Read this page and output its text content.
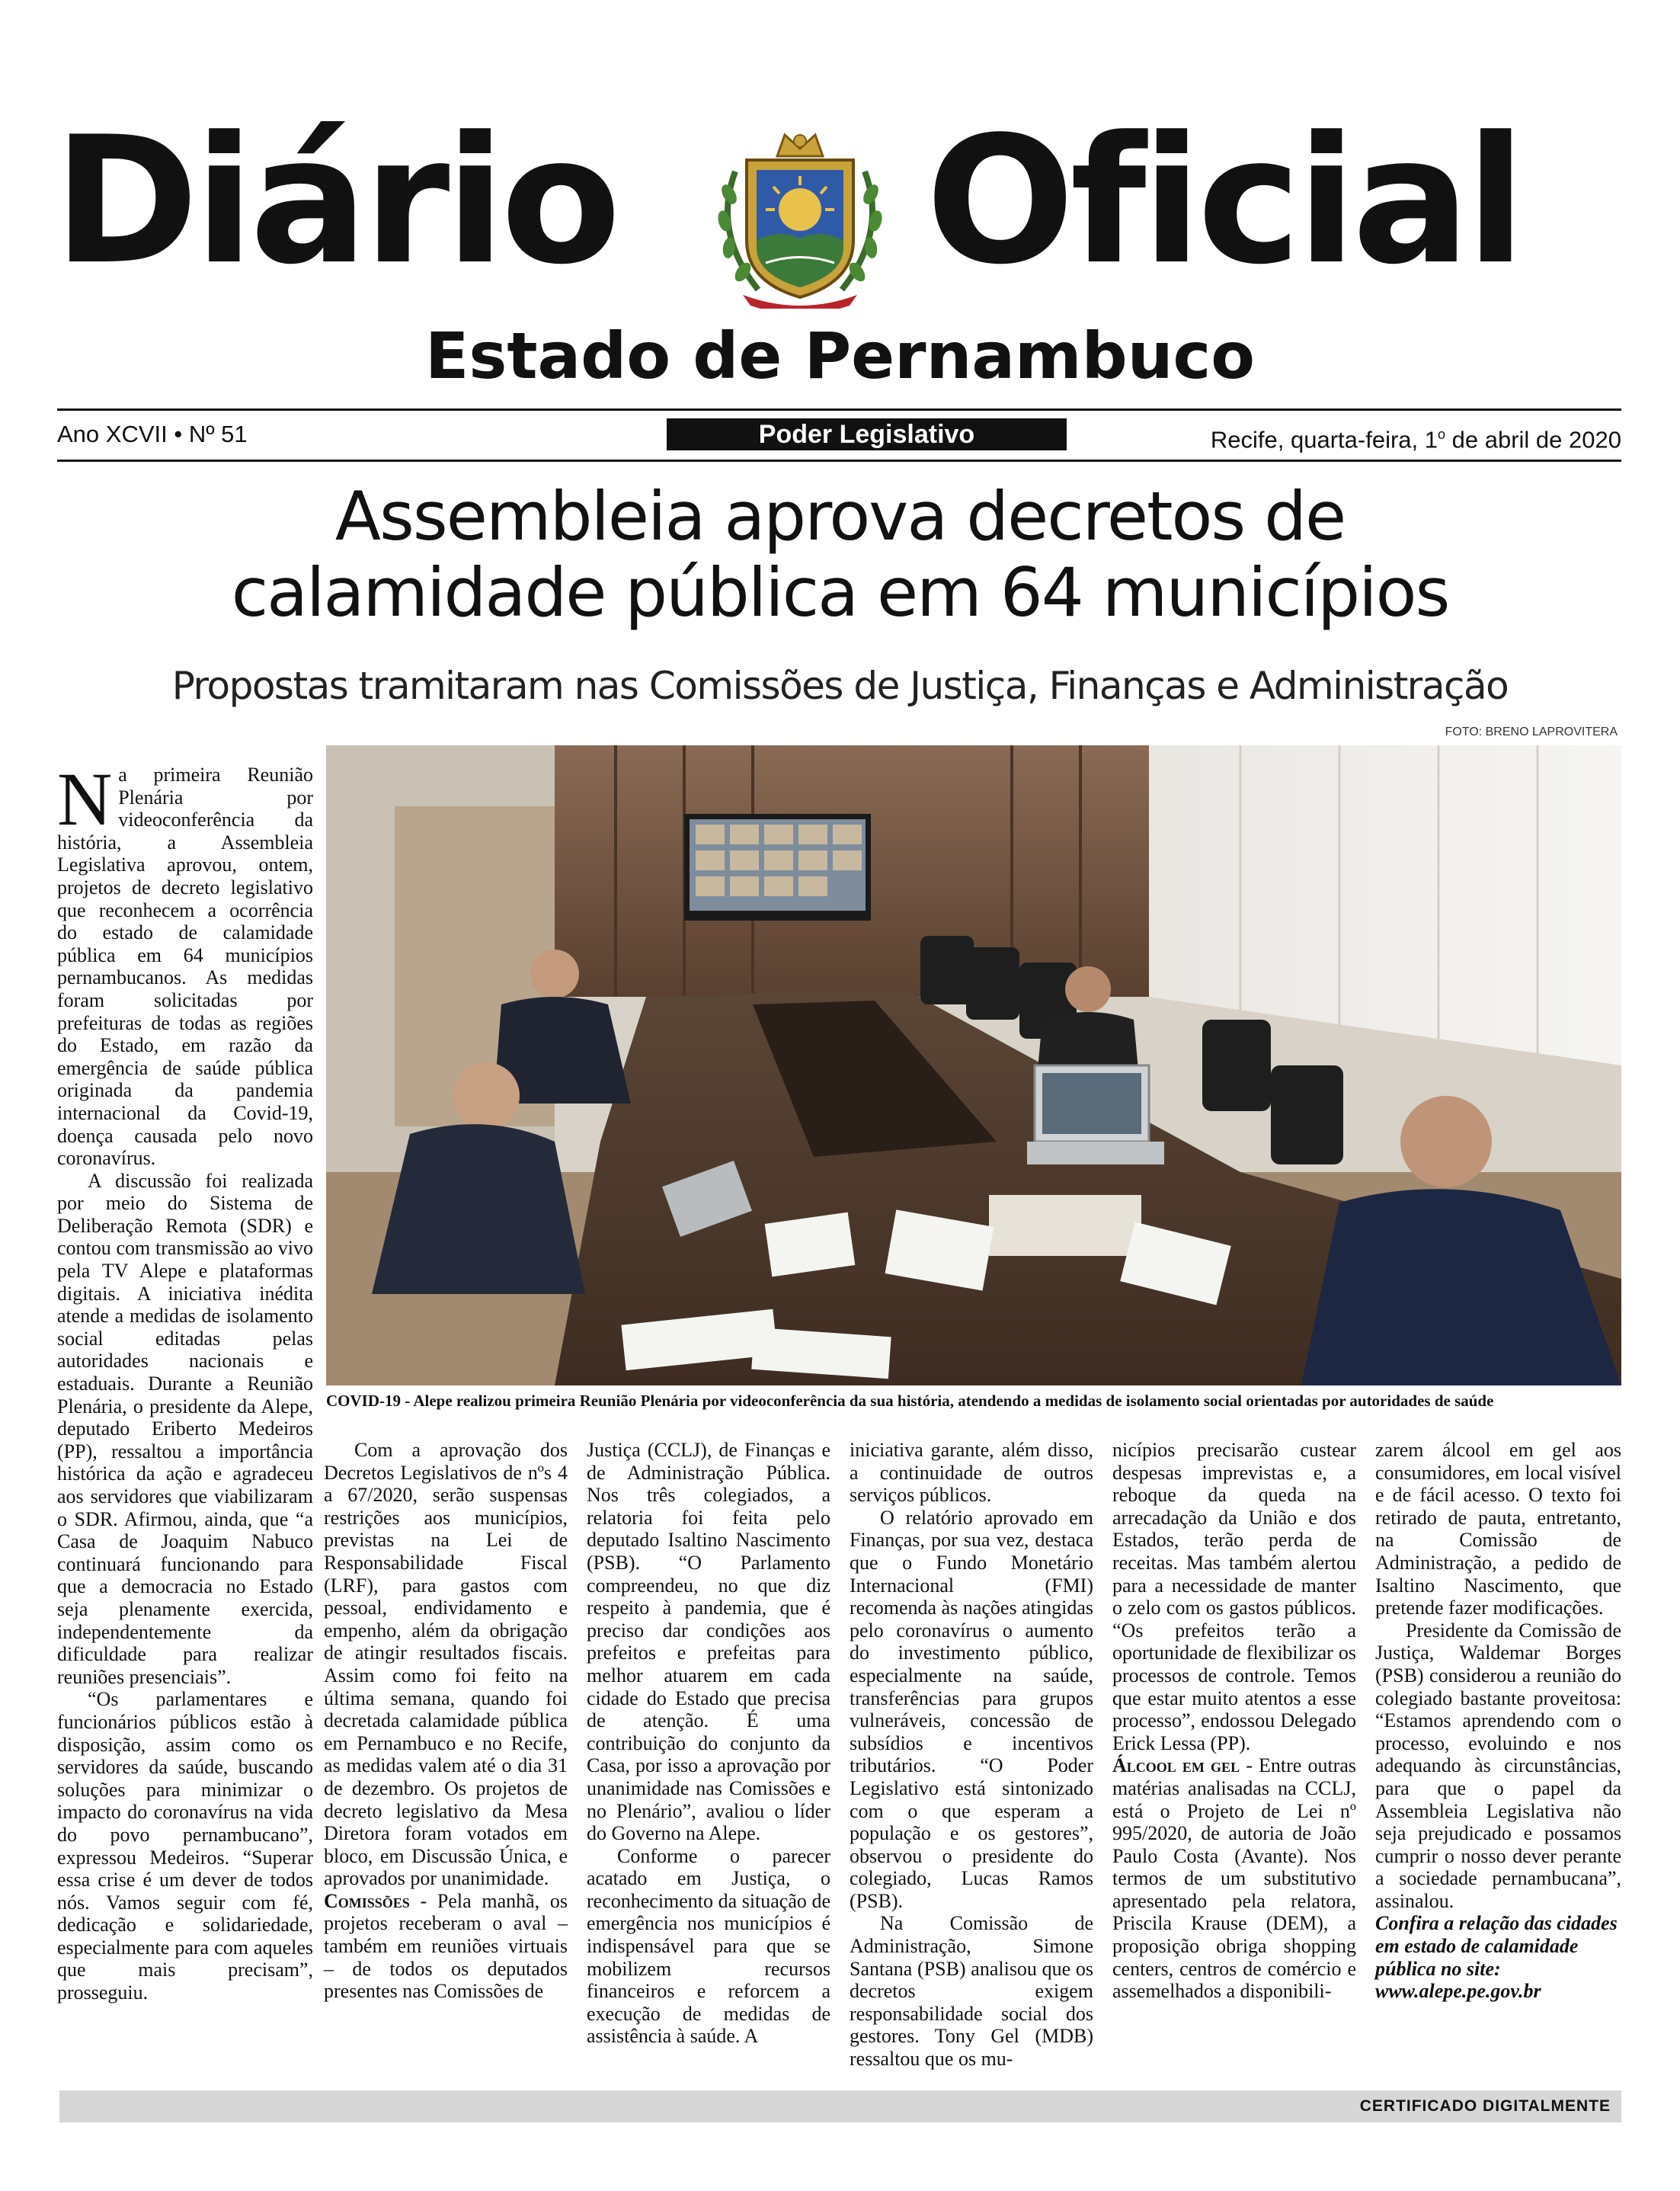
Diário Oficial
Estado de Pernambuco
Ano XCVII • Nº 51	Poder Legislativo	Recife, quarta-feira, 1$^o$ de abril de 2020
Assembleia aprova decretos de
calamidade pública em 64 municípios
Propostas tramitaram nas Comissões de Justiça, Finanças e Administração
FOTO: BRENO LAPROVITERA
COVID-19 - Alepe realizou primeira Reunião Plenária por videoconferência da sua história, atendendo a medidas de isolamento social orientadas por autoridades de saúde

Na primeira Reunião Plenária por videoconferência da história, a Assembleia Legislativa aprovou, ontem, projetos de decreto legislativo que reconhecem a ocorrência do estado de calamidade pública em 64 municípios pernambucanos. As medidas foram solicitadas por prefeituras de todas as regiões do Estado, em razão da emergência de saúde pública originada da pandemia internacional da Covid-19, doença causada pelo novo coronavírus.

A discussão foi realizada por meio do Sistema de Deliberação Remota (SDR) e contou com transmissão ao vivo pela TV Alepe e plataformas digitais. A iniciativa inédita atende a medidas de isolamento social editadas pelas autoridades nacionais e estaduais. Durante a Reunião Plenária, o presidente da Alepe, deputado Eriberto Medeiros (PP), ressaltou a importância histórica da ação e agradeceu aos servidores que viabilizaram o SDR. Afirmou, ainda, que “a Casa de Joaquim Nabuco continuará funcionando para que a democracia no Estado seja plenamente exercida, independentemente da dificuldade para realizar reuniões presenciais”.

“Os parlamentares e funcionários públicos estão à disposição, assim como os servidores da saúde, buscando soluções para minimizar o impacto do coronavírus na vida do povo pernambucano”, expressou Medeiros. “Superar essa crise é um dever de todos nós. Vamos seguir com fé, dedicação e solidariedade, especialmente para com aqueles que mais precisam”, prosseguiu.

Com a aprovação dos Decretos Legislativos de nºs 4 a 67/2020, serão suspensas restrições aos municípios, previstas na Lei de Responsabilidade Fiscal (LRF), para gastos com pessoal, endividamento e empenho, além da obrigação de atingir resultados fiscais. Assim como foi feito na última semana, quando foi decretada calamidade pública em Pernambuco e no Recife, as medidas valem até o dia 31 de dezembro. Os projetos de decreto legislativo da Mesa Diretora foram votados em bloco, em Discussão Única, e aprovados por unanimidade.

Comissões - Pela manhã, os projetos receberam o aval – também em reuniões virtuais – de todos os deputados presentes nas Comissões de

Justiça (CCLJ), de Finanças e de Administração Pública. Nos três colegiados, a relatoria foi feita pelo deputado Isaltino Nascimento (PSB). “O Parlamento compreendeu, no que diz respeito à pandemia, que é preciso dar condições aos prefeitos e prefeitas para melhor atuarem em cada cidade do Estado que precisa de atenção. É uma contribuição do conjunto da Casa, por isso a aprovação por unanimidade nas Comissões e no Plenário”, avaliou o líder do Governo na Alepe.

Conforme o parecer acatado em Justiça, o reconhecimento da situação de emergência nos municípios é indispensável para que se mobilizem recursos financeiros e reforcem a execução de medidas de assistência à saúde. A

iniciativa garante, além disso, a continuidade de outros serviços públicos.

O relatório aprovado em Finanças, por sua vez, destaca que o Fundo Monetário Internacional (FMI) recomenda às nações atingidas pelo coronavírus o aumento do investimento público, especialmente na saúde, transferências para grupos vulneráveis, concessão de subsídios e incentivos tributários. “O Poder Legislativo está sintonizado com o que esperam a população e os gestores”, observou o presidente do colegiado, Lucas Ramos (PSB).

Na Comissão de Administração, Simone Santana (PSB) analisou que os decretos exigem responsabilidade social dos gestores. Tony Gel (MDB) ressaltou que os mu-

nicípios precisarão custear despesas imprevistas e, a reboque da queda na arrecadação da União e dos Estados, terão perda de receitas. Mas também alertou para a necessidade de manter o zelo com os gastos públicos. “Os prefeitos terão a oportunidade de flexibilizar os processos de controle. Temos que estar muito atentos a esse processo”, endossou Delegado Erick Lessa (PP).

Álcool em gel - Entre outras matérias analisadas na CCLJ, está o Projeto de Lei nº 995/2020, de autoria de João Paulo Costa (Avante). Nos termos de um substitutivo apresentado pela relatora, Priscila Krause (DEM), a proposição obriga shopping centers, centros de comércio e assemelhados a disponibili-

zarem álcool em gel aos consumidores, em local visível e de fácil acesso. O texto foi retirado de pauta, entretanto, na Comissão de Administração, a pedido de Isaltino Nascimento, que pretende fazer modificações.

Presidente da Comissão de Justiça, Waldemar Borges (PSB) considerou a reunião do colegiado bastante proveitosa: “Estamos aprendendo com o processo, evoluindo e nos adequando às circunstâncias, para que o papel da Assembleia Legislativa não seja prejudicado e possamos cumprir o nosso dever perante a sociedade pernambucana”, assinalou.

Confira a relação das cidades em estado de calamidade pública no site: www.alepe.pe.gov.br

CERTIFICADO DIGITALMENTE
